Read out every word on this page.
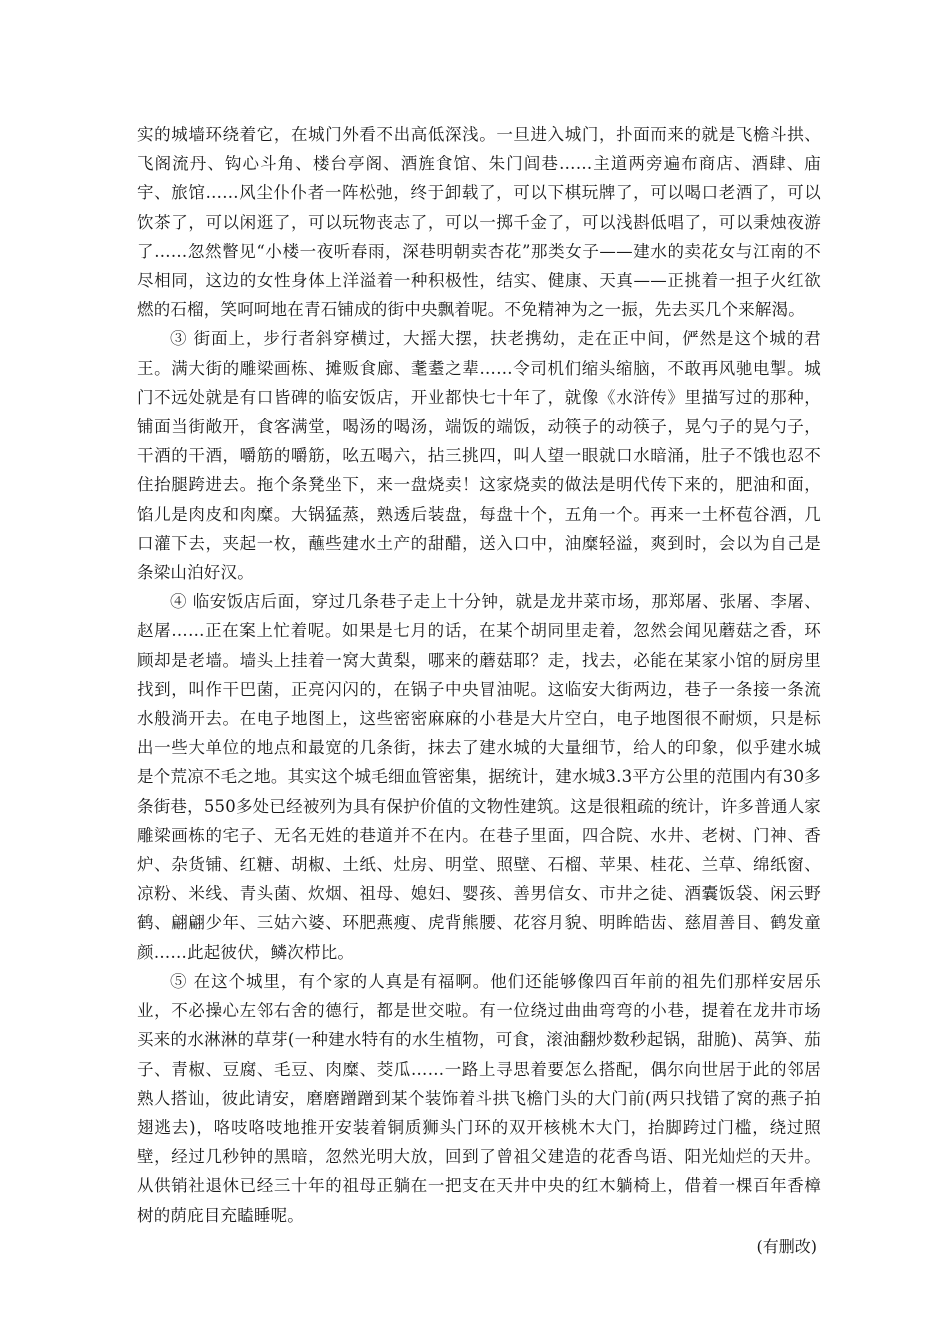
实的城墙环绕着它，在城门外看不出高低深浅。一旦进入城门，扑面而来的就是飞檐斗拱、飞阁流丹、钩心斗角、楼台亭阁、酒旌食馆、朱门闾巷……主道两旁遍布商店、酒肆、庙宇、旅馆……风尘仆仆者一阵松弛，终于卸载了，可以下棋玩牌了，可以喝口老酒了，可以饮茶了，可以闲逛了，可以玩物丧志了，可以一掷千金了，可以浅斟低唱了，可以秉烛夜游了……忽然瞥见“小楼一夜听春雨，深巷明朝卖杏花”那类女子——建水的卖花女与江南的不尽相同，这边的女性身体上洋溢着一种积极性，结实、健康、天真——正挑着一担子火红欲燃的石榴，笑呵呵地在青石铺成的街中央飘着呢。不免精神为之一振，先去买几个来解渴。

③ 街面上，步行者斜穿横过，大摇大摆，扶老携幼，走在正中间，俨然是这个城的君王。满大街的雕梁画栋、摊贩食廊、耄耋之辈……令司机们缩头缩脑，不敢再风驰电掣。城门不远处就是有口皆碑的临安饭店，开业都快七十年了，就像《水浒传》里描写过的那种，铺面当街敞开，食客满堂，喝汤的喝汤，端饭的端饭，动筷子的动筷子，晃勺子的晃勺子，干酒的干酒，嚼筋的嚼筋，吆五喝六，拈三挑四，叫人望一眼就口水暗涌，肚子不饿也忍不住抬腿跨进去。拖个条凳坐下，来一盘烧卖！这家烧卖的做法是明代传下来的，肥油和面，馅儿是肉皮和肉糜。大锅猛蒸，熟透后装盘，每盘十个，五角一个。再来一土杯苞谷酒，几口灌下去，夹起一枚，蘸些建水土产的甜醋，送入口中，油糜轻溢，爽到时，会以为自己是条梁山泊好汉。

④ 临安饭店后面，穿过几条巷子走上十分钟，就是龙井菜市场，那郑屠、张屠、李屠、赵屠……正在案上忙着呢。如果是七月的话，在某个胡同里走着，忽然会闻见蘑菇之香，环顾却是老墙。墙头上挂着一窝大黄梨，哪来的蘑菇耶？走，找去，必能在某家小馆的厨房里找到，叫作干巴菌，正亮闪闪的，在锅子中央冒油呢。这临安大街两边，巷子一条接一条流水般淌开去。在电子地图上，这些密密麻麻的小巷是大片空白，电子地图很不耐烦，只是标出一些大单位的地点和最宽的几条街，抹去了建水城的大量细节，给人的印象，似乎建水城是个荒凉不毛之地。其实这个城毛细血管密集，据统计，建水城3.3平方公里的范围内有30多条街巷，550多处已经被列为具有保护价值的文物性建筑。这是很粗疏的统计，许多普通人家雕梁画栋的宅子、无名无姓的巷道并不在内。在巷子里面，四合院、水井、老树、门神、香炉、杂货铺、红糖、胡椒、土纸、灶房、明堂、照壁、石榴、苹果、桂花、兰草、绵纸窗、凉粉、米线、青头菌、炊烟、祖母、媳妇、婴孩、善男信女、市井之徒、酒囊饭袋、闲云野鹤、翩翩少年、三姑六婆、环肥燕瘦、虎背熊腰、花容月貌、明眸皓齿、慈眉善目、鹤发童颜……此起彼伏，鳞次栉比。

⑤ 在这个城里，有个家的人真是有福啊。他们还能够像四百年前的祖先们那样安居乐业，不必操心左邻右舍的德行，都是世交啦。有一位绕过曲曲弯弯的小巷，提着在龙井市场买来的水淋淋的草芽(一种建水特有的水生植物，可食，滚油翻炒数秒起锅，甜脆)、莴笋、茄子、青椒、豆腐、毛豆、肉糜、茭瓜……一路上寻思着要怎么搭配，偶尔向世居于此的邻居熟人搭讪，彼此请安，磨磨蹭蹭到某个装饰着斗拱飞檐门头的大门前(两只找错了窝的燕子拍翅逃去)，咯吱咯吱地推开安装着铜质狮头门环的双开核桃木大门，抬脚跨过门槛，绕过照壁，经过几秒钟的黑暗，忽然光明大放，回到了曾祖父建造的花香鸟语、阳光灿烂的天井。从供销社退休已经三十年的祖母正躺在一把支在天井中央的红木躺椅上，借着一棵百年香樟树的荫庇目充瞌睡呢。

(有删改)
